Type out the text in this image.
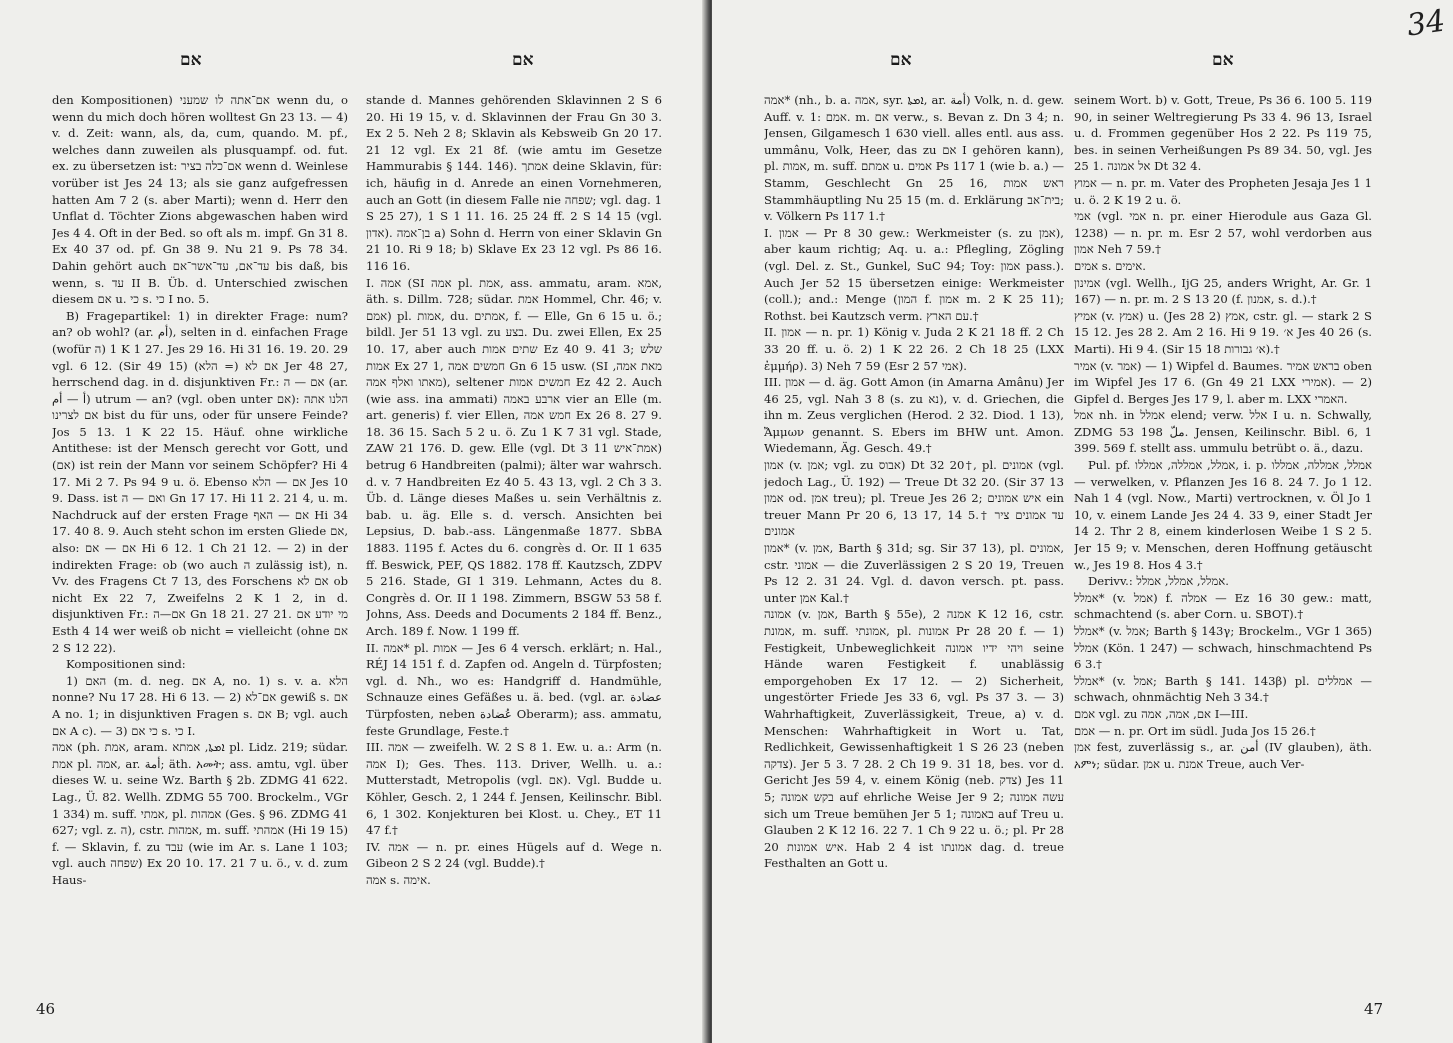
אם	אם

den Kompositionen) אם־אתה לו שמעני wenn du, o wenn du mich doch hören wolltest Gn 23 13. — 4) v. d. Zeit: wann, als, da, cum, quando. M. pf., welches dann zuweilen als plusquampf. od. fut. ex. zu übersetzen ist: אם־כלה בציר wenn d. Weinlese vorüber ist Jes 24 13; als sie ganz aufgefressen hatten Am 7 2 (s. aber Marti); wenn d. Herr den Unflat d. Töchter Zions abgewaschen haben wird Jes 4 4. Oft in der Bed. so oft als m. impf. Gn 31 8. Ex 40 37 od. pf. Gn 38 9. Nu 21 9. Ps 78 34. Dahin gehört auch עד־אם, עד־אשר־אם bis daß, bis wenn, s. עד II B. Üb. d. Unterschied zwischen diesem אם u. כי s. כי I no. 5.

B) Fragepartikel: 1) in direkter Frage: num? an? ob wohl? (ar. أم), selten in d. einfachen Frage (wofür ה) 1 K 1 27. Jes 29 16. Hi 31 16. 19. 20. 29 vgl. 6 12. (Sir 49 15) אם לא (= הלא) Jer 48 27, herrschend dag. in d. disjunktiven Fr.: אם — ה (ar. أ — أم) utrum — an? (vgl. oben unter אם): הלנו אתה אם לצרינו bist du für uns, oder für unsere Feinde? Jos 5 13. 1 K 22 15. Häuf. ohne wirkliche Antithese: ist der Mensch gerecht vor Gott, und (אם) ist rein der Mann vor seinem Schöpfer? Hi 4 17. Mi 2 7. Ps 94 9 u. ö. Ebenso אם — הלא Jes 10 9. Dass. ist ואם — ה Gn 17 17. Hi 11 2. 21 4, u. m. Nachdruck auf der ersten Frage אם — האף Hi 34 17. 40 8. 9. Auch steht schon im ersten Gliede אם, also: אם — אם Hi 6 12. 1 Ch 21 12. — 2) in der indirekten Frage: ob (wo auch ה zulässig ist), n. Vv. des Fragens Ct 7 13, des Forschens אם לא ob nicht Ex 22 7, Zweifelns 2 K 1 2, in d. disjunktiven Fr.: אם—ה Gn 18 21. 27 21. מי יודע אם Esth 4 14 wer weiß ob nicht = vielleicht (ohne אם 2 S 12 22).

Kompositionen sind:

1) האם (m. d. neg. אם A, no. 1) s. v. a. הלא nonne? Nu 17 28. Hi 6 13. — 2) אם־לא gewiß s. אם A no. 1; in disjunktiven Fragen s. אם B; vgl. auch אם A c). — 3) כי אם s. כי I.

אמה (ph. אמת, aram. ܐܡܬܐ, אמתא pl. Lidz. 219; südar. אמת pl. אמה, ar. أمة; äth. አመት; ass. amtu, vgl. über dieses W. u. seine Wz. Barth § 2b. ZDMG 41 622. Lag., Ü. 82. Wellh. ZDMG 55 700. Brockelm., VGr 1 334) m. suff. אמתי, pl. אמהות (Ges. § 96. ZDMG 41 627; vgl. z. ה), cstr. אמהות, m. suff. אמהתי (Hi 19 15) f. — Sklavin, f. zu עבד (wie im Ar. s. Lane 1 103; vgl. auch שפחה) Ex 20 10. 17. 21 7 u. ö., v. d. zum Haus-

stande d. Mannes gehörenden Sklavinnen 2 S 6 20. Hi 19 15, v. d. Sklavinnen der Frau Gn 30 3. Ex 2 5. Neh 2 8; Sklavin als Kebsweib Gn 20 17. 21 12 vgl. Ex 21 8f. (wie amtu im Gesetze Hammurabis § 144. 146). אמתך deine Sklavin, für: ich, häufig in d. Anrede an einen Vornehmeren, auch an Gott (in diesem Falle nie שפחה; vgl. dag. 1 S 25 27), 1 S 1 11. 16. 25 24 ff. 2 S 14 15 (vgl. אדון). בן־אמה a) Sohn d. Herrn von einer Sklavin Gn 21 10. Ri 9 18; b) Sklave Ex 23 12 vgl. Ps 86 16. 116 16.

I. אמה (SI אמה pl. אמת, ass. ammatu, aram. אמא, äth. s. Dillm. 728; südar. אמת Hommel, Chr. 46; v. אמם) pl. אמות, du. אמתים, f. — Elle, Gn 6 15 u. ö.; bildl. Jer 51 13 vgl. zu בצע. Du. zwei Ellen, Ex 25 10. 17, aber auch שתים אמות Ez 40 9. 41 3; שלש אמות Ex 27 1, חמשים אמה Gn 6 15 usw. (SI מאת אמה, מאתו ואלף אמה), seltener חמשים אמות Ez 42 2. Auch (wie ass. ina ammati) ארבע באמה vier an Elle (m. art. generis) f. vier Ellen, חמש אמה Ex 26 8. 27 9. 18. 36 15. Sach 5 2 u. ö. Zu 1 K 7 31 vgl. Stade, ZAW 21 176. D. gew. Elle (vgl. Dt 3 11 אמת־איש) betrug 6 Handbreiten (palmi); älter war wahrsch. d. v. 7 Handbreiten Ez 40 5. 43 13, vgl. 2 Ch 3 3. Üb. d. Länge dieses Maßes u. sein Verhältnis z. bab. u. äg. Elle s. d. versch. Ansichten bei Lepsius, D. bab.-ass. Längenmaße 1877. SbBA 1883. 1195 f. Actes du 6. congrès d. Or. II 1 635 ff. Beswick, PEF, QS 1882. 178 ff. Kautzsch, ZDPV 5 216. Stade, GI 1 319. Lehmann, Actes du 8. Congrès d. Or. II 1 198. Zimmern, BSGW 53 58 f. Johns, Ass. Deeds and Documents 2 184 ff. Benz., Arch. 189 f. Now. 1 199 ff.

II. אמה* pl. אמות — Jes 6 4 versch. erklärt; n. Hal., RÉJ 14 151 f. d. Zapfen od. Angeln d. Türpfosten; vgl. d. Nh., wo es: Handgriff d. Handmühle, Schnauze eines Gefäßes u. ä. bed. (vgl. ar. عضادة Türpfosten, neben عُضادة Oberarm); ass. ammatu, feste Grundlage, Feste.†

III. אמה — zweifelh. W. 2 S 8 1. Ew. u. a.: Arm (n. אמה I); Ges. Thes. 113. Driver, Wellh. u. a.: Mutterstadt, Metropolis (vgl. אם). Vgl. Budde u. Köhler, Gesch. 2, 1 244 f. Jensen, Keilinschr. Bibl. 6, 1 302. Konjekturen bei Klost. u. Chey., ET 11 47 f.†

IV. אמה — n. pr. eines Hügels auf d. Wege n. Gibeon 2 S 2 24 (vgl. Budde).†

אמה s. אימה.

46
אם	אם
34

אמה* (nh., b. a. אמה, syr. ܐܡܬܐ, ar. أمة) Volk, n. d. gew. Auff. v. אמם :1. m. אם verw., s. Bevan z. Dn 3 4; n. Jensen, Gilgamesch 1 630 viell. alles entl. aus ass. ummânu, Volk, Heer, das zu אם I gehören kann), pl. אמות, m. suff. אמתם u. אמים Ps 117 1 (wie b. a.) — Stamm, Geschlecht Gn 25 16, ראש אמות Stammhäuptling Nu 25 15 (m. d. Erklärung בית־אב; v. Völkern Ps 117 1.†

I. אמון — Pr 8 30 gew.: Werkmeister (s. zu אמן), aber kaum richtig; Aq. u. a.: Pflegling, Zögling (vgl. Del. z. St., Gunkel, SuC 94; Toy: אמון pass.). Auch Jer 52 15 übersetzen einige: Werkmeister (coll.); and.: Menge (המון f. אמון m. 2 K 25 11); Rothst. bei Kautzsch verm. עם הארץ.†

II. אמון — n. pr. 1) König v. Juda 2 K 21 18 ff. 2 Ch 33 20 ff. u. ö. 2) 1 K 22 26. 2 Ch 18 25 (LXX ἐμμήρ). 3) Neh 7 59 (Esr 2 57 אמי).

III. אמון — d. äg. Gott Amon (in Amarna Amânu) Jer 46 25, vgl. Nah 3 8 (s. zu נא), v. d. Griechen, die ihn m. Zeus verglichen (Herod. 2 32. Diod. 1 13), Ἄμμων genannt. S. Ebers im BHW unt. Amon. Wiedemann, Äg. Gesch. 49.†

אמון (v. אמן; vgl. zu אבוס) Dt 32 20†, pl. אמונים (vgl. jedoch Lag., Ü. 192) — Treue Dt 32 20. (Sir 37 13 אמון od. אמן treu); pl. Treue Jes 26 2; איש אמונים ein treuer Mann Pr 20 6, 13 17, 14 5.† עד אמונים ציר אמונים

אמון* (v. אמן, Barth § 31d; sg. Sir 37 13), pl. אמונים, cstr. אמוני — die Zuverlässigen 2 S 20 19, Treuen Ps 12 2. 31 24. Vgl. d. davon versch. pt. pass. unter אמן Kal.†

אמונה (v. אמן, Barth § 55e), אמנה 2 K 12 16, cstr. אמונת, m. suff. אמונתי, pl. אמונות Pr 28 20 f. — 1) Festigkeit, Unbeweglichkeit ויהי ידיו אמונה seine Hände waren Festigkeit f. unablässig emporgehoben Ex 17 12. — 2) Sicherheit, ungestörter Friede Jes 33 6, vgl. Ps 37 3. — 3) Wahrhaftigkeit, Zuverlässigkeit, Treue, a) v. d. Menschen: Wahrhaftigkeit in Wort u. Tat, Redlichkeit, Gewissenhaftigkeit 1 S 26 23 (neben צדקה). Jer 5 3. 7 28. 2 Ch 19 9. 31 18, bes. vor d. Gericht Jes 59 4, v. einem König (neb. צדק) Jes 11 5; בקש אמונה auf ehrliche Weise Jer 9 2; עשה אמונה sich um Treue bemühen Jer 5 1; באמונה auf Treu u. Glauben 2 K 12 16. 22 7. 1 Ch 9 22 u. ö.; pl. Pr 28 20 איש אמונות. Hab 2 4 ist אמונתו dag. d. treue Festhalten an Gott u.

seinem Wort. b) v. Gott, Treue, Ps 36 6. 100 5. 119 90, in seiner Weltregierung Ps 33 4. 96 13, Israel u. d. Frommen gegenüber Hos 2 22. Ps 119 75, bes. in seinen Verheißungen Ps 89 34. 50, vgl. Jes 25 1. אל אמונה Dt 32 4.

אמוץ — n. pr. m. Vater des Propheten Jesaja Jes 1 1 u. ö. 2 K 19 2 u. ö.

אמי (vgl. אמי n. pr. einer Hierodule aus Gaza Gl. 1238) — n. pr. m. Esr 2 57, wohl verdorben aus אמון Neh 7 59.†

אמים s. אימים.

אמינון (vgl. Wellh., IjG 25, anders Wright, Ar. Gr. 1 167) — n. pr. m. 2 S 13 20 (f. אמנון, s. d.).†

אמיץ (v. אמץ) u. (Jes 28 2) אמץ, cstr. gl. — stark 2 S 15 12. Jes 28 2. Am 2 16. Hi 9 19. א׳ Jes 40 26 (s. Marti). Hi 9 4. (Sir 15 18 א׳ גבורות).†

אמיר (v. אמר) — 1) Wipfel d. Baumes. בראש אמיר oben im Wipfel Jes 17 6. (Gn 49 21 LXX אמירי). — 2) Gipfel d. Berges Jes 17 9, l. aber m. LXX האמרי.

אמל nh. in אמלל elend; verw. אלל I u. n. Schwally, ZDMG 53 198 ملّ. Jensen, Keilinschr. Bibl. 6, 1 399. 569 f. stellt ass. ummulu betrübt o. ä., dazu.

Pul. pf. אמלל, אמללה, אמללו, i. p. אמלל, אמללה, אמללו — verwelken, v. Pflanzen Jes 16 8. 24 7. Jo 1 12. Nah 1 4 (vgl. Now., Marti) vertrocknen, v. Öl Jo 1 10, v. einem Lande Jes 24 4. 33 9, einer Stadt Jer 14 2. Thr 2 8, einem kinderlosen Weibe 1 S 2 5. Jer 15 9; v. Menschen, deren Hoffnung getäuscht w., Jes 19 8. Hos 4 3.†

Derivv.: אמלל, אמלל, אמלל.

אמלל* (v. אמל) f. אמלה — Ez 16 30 gew.: matt, schmachtend (s. aber Corn. u. SBOT).†

אמלל* (v. אמל; Barth § 143γ; Brockelm., VGr 1 365) אמלל (Kön. 1 247) — schwach, hinschmachtend Ps 6 3.†

אמלל* (v. אמל; Barth § 141. 143β) pl. אמללים — schwach, ohnmächtig Neh 3 34.†

אמם vgl. zu אם, אמה, אמה I—III.

אמם — n. pr. Ort im südl. Juda Jos 15 26.†

אמן fest, zuverlässig s., ar. أمن (IV glauben), äth. አምነ; südar. אמן u. אמנת Treue, auch Ver-

47
